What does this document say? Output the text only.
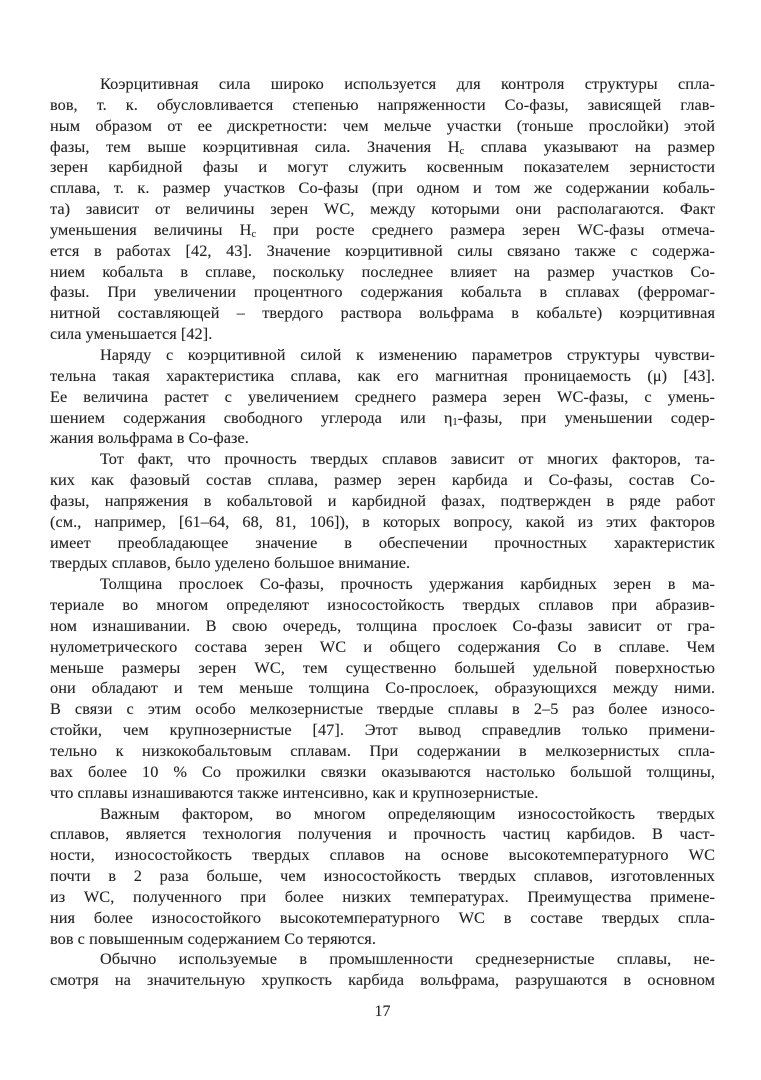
Коэрцитивная сила широко используется для контроля структуры спла-
вов, т. к. обусловливается степенью напряженности Co-фазы, зависящей глав-
ным образом от ее дискретности: чем мельче участки (тоньше прослойки) этой
фазы, тем выше коэрцитивная сила. Значения $H_c$ сплава указывают на размер
зерен карбидной фазы и могут служить косвенным показателем зернистости
сплава, т. к. размер участков Co-фазы (при одном и том же содержании кобаль-
та) зависит от величины зерен WC, между которыми они располагаются. Факт
уменьшения величины $H_c$ при росте среднего размера зерен WC-фазы отмеча-
ется в работах [42, 43]. Значение коэрцитивной силы связано также с содержа-
нием кобальта в сплаве, поскольку последнее влияет на размер участков Co-
фазы. При увеличении процентного содержания кобальта в сплавах (ферромаг-
нитной составляющей – твердого раствора вольфрама в кобальте) коэрцитивная
сила уменьшается [42].
Наряду с коэрцитивной силой к изменению параметров структуры чувстви-
тельна такая характеристика сплава, как его магнитная проницаемость (μ) [43].
Ее величина растет с увеличением среднего размера зерен WC-фазы, с умень-
шением содержания свободного углерода или $\eta_1$-фазы, при уменьшении содер-
жания вольфрама в Co-фазе.
Тот факт, что прочность твердых сплавов зависит от многих факторов, та-
ких как фазовый состав сплава, размер зерен карбида и Co-фазы, состав Co-
фазы, напряжения в кобальтовой и карбидной фазах, подтвержден в ряде работ
(см., например, [61–64, 68, 81, 106]), в которых вопросу, какой из этих факторов
имеет преобладающее значение в обеспечении прочностных характеристик
твердых сплавов, было уделено большое внимание.
Толщина прослоек Co-фазы, прочность удержания карбидных зерен в ма-
териале во многом определяют износостойкость твердых сплавов при абразив-
ном изнашивании. В свою очередь, толщина прослоек Co-фазы зависит от гра-
нулометрического состава зерен WC и общего содержания Co в сплаве. Чем
меньше размеры зерен WC, тем существенно большей удельной поверхностью
они обладают и тем меньше толщина Co-прослоек, образующихся между ними.
В связи с этим особо мелкозернистые твердые сплавы в 2–5 раз более износо-
стойки, чем крупнозернистые [47]. Этот вывод справедлив только примени-
тельно к низкокобальтовым сплавам. При содержании в мелкозернистых спла-
вах более 10 % Co прожилки связки оказываются настолько большой толщины,
что сплавы изнашиваются также интенсивно, как и крупнозернистые.
Важным фактором, во многом определяющим износостойкость твердых
сплавов, является технология получения и прочность частиц карбидов. В част-
ности, износостойкость твердых сплавов на основе высокотемпературного WC
почти в 2 раза больше, чем износостойкость твердых сплавов, изготовленных
из WC, полученного при более низких температурах. Преимущества примене-
ния более износостойкого высокотемпературного WC в составе твердых спла-
вов с повышенным содержанием Co теряются.
Обычно используемые в промышленности среднезернистые сплавы, не-
смотря на значительную хрупкость карбида вольфрама, разрушаются в основном
17
